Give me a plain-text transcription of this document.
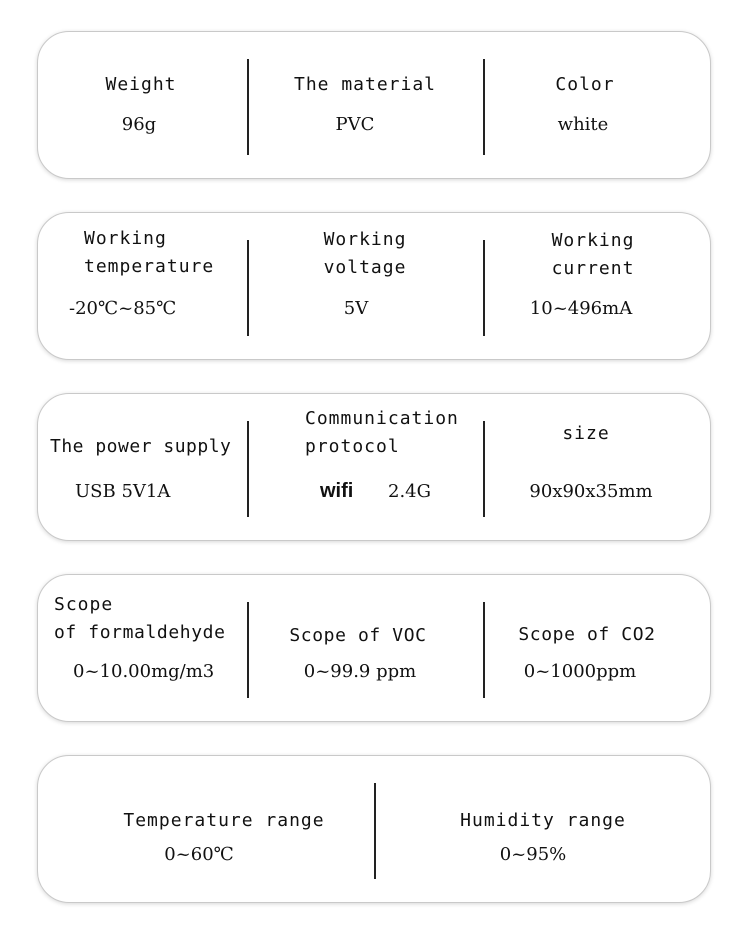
Weight
96g
The material
PVC
Color
white
Working
temperature
-20℃~85℃
Working
voltage
5V
Working
current
10~496mA
The power supply
USB 5V1A
Communication
protocol
wifi 2.4G
size
90x90x35mm
Scope
of formaldehyde
0~10.00mg/m3
Scope of VOC
0~99.9 ppm
Scope of CO2
0~1000ppm
Temperature range
0~60℃
Humidity range
0~95%
